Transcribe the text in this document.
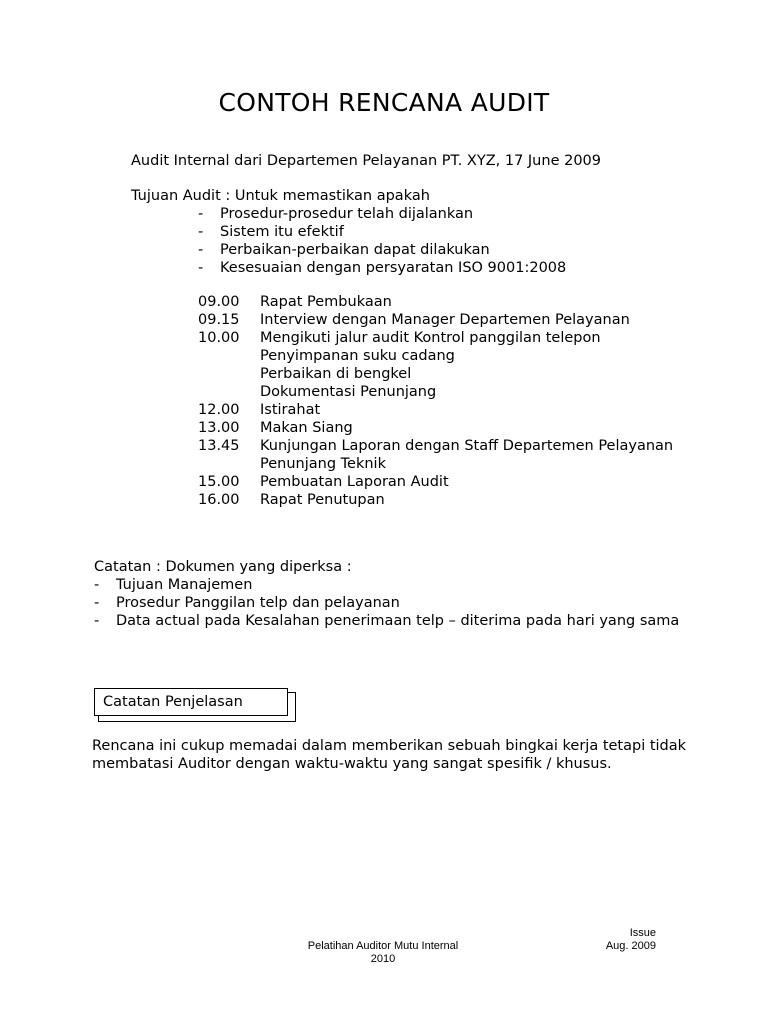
CONTOH RENCANA AUDIT
Audit Internal dari Departemen Pelayanan PT. XYZ, 17 June 2009
Tujuan Audit : Untuk memastikan apakah
- Prosedur-prosedur telah dijalankan
- Sistem itu efektif
- Perbaikan-perbaikan dapat dilakukan
- Kesesuaian dengan persyaratan ISO 9001:2008
09.00 Rapat Pembukaan
09.15 Interview dengan Manager Departemen Pelayanan
10.00 Mengikuti jalur audit Kontrol panggilan telepon
Penyimpanan suku cadang
Perbaikan di bengkel
Dokumentasi Penunjang
12.00 Istirahat
13.00 Makan Siang
13.45 Kunjungan Laporan dengan Staff Departemen Pelayanan
Penunjang Teknik
15.00 Pembuatan Laporan Audit
16.00 Rapat Penutupan
Catatan : Dokumen yang diperksa :
- Tujuan Manajemen
- Prosedur Panggilan telp dan pelayanan
- Data actual pada Kesalahan penerimaan telp – diterima pada hari yang sama
Catatan Penjelasan
Rencana ini cukup memadai dalam memberikan sebuah bingkai kerja tetapi tidak
membatasi Auditor dengan waktu-waktu yang sangat spesifik / khusus.
Pelatihan Auditor Mutu Internal
2010
Issue
Aug. 2009
